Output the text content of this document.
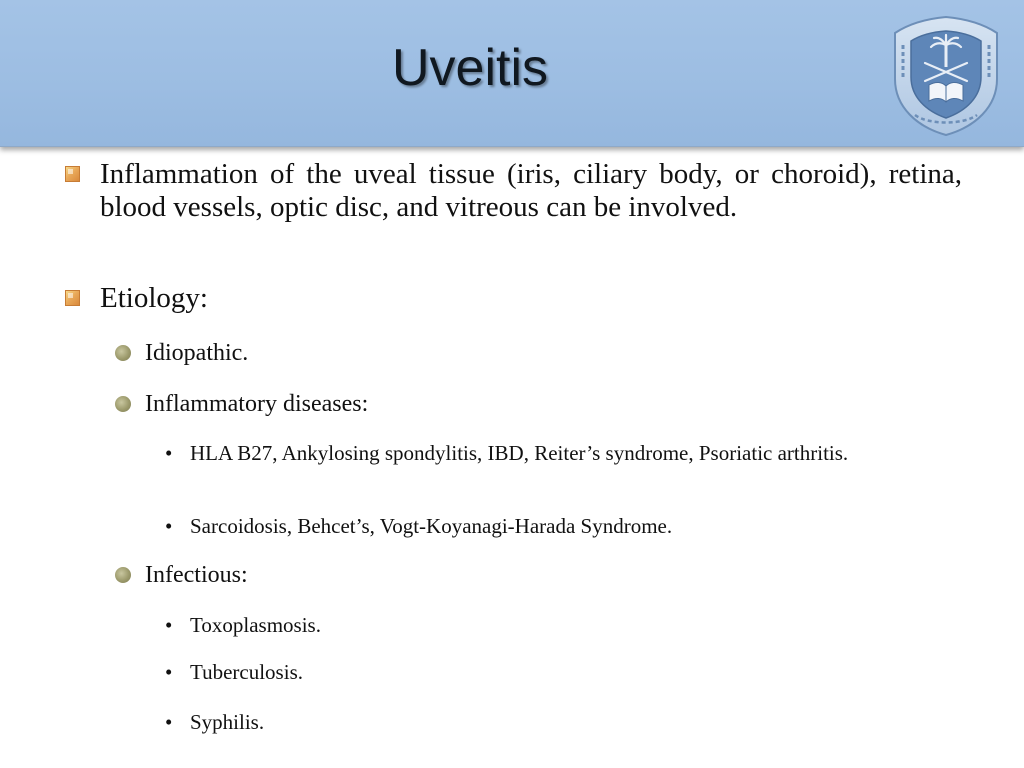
Uveitis
Inflammation of the uveal tissue (iris, ciliary body, or choroid), retina, blood vessels, optic disc, and vitreous can be involved.
Etiology:
Idiopathic.
Inflammatory diseases:
• HLA B27, Ankylosing spondylitis, IBD, Reiter’s syndrome, Psoriatic arthritis.
• Sarcoidosis, Behcet’s, Vogt-Koyanagi-Harada Syndrome.
Infectious:
• Toxoplasmosis.
• Tuberculosis.
• Syphilis.
